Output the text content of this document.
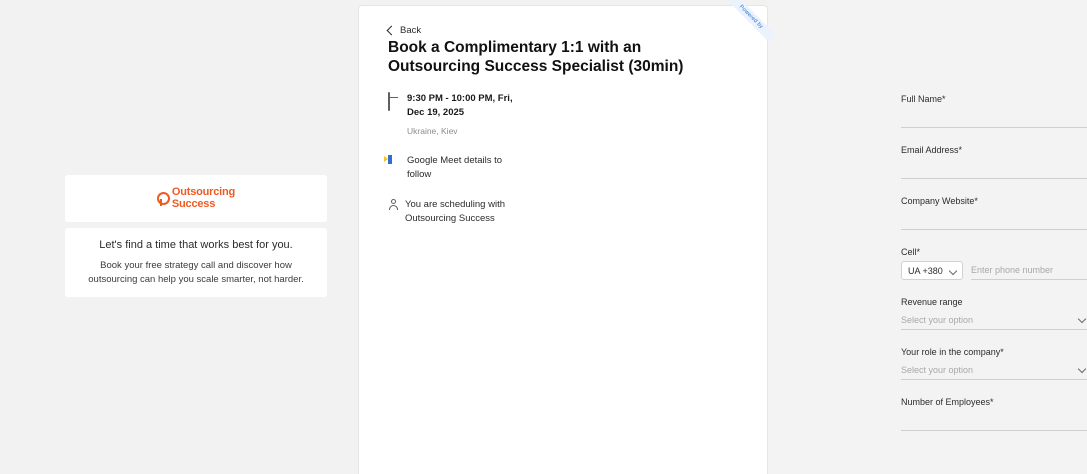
Outsourcing
Success
Let's find a time that works best for you.
Book your free strategy call and discover how outsourcing can help you scale smarter, not harder.
Powered by
Back
Book a Complimentary 1:1 with an Outsourcing Success Specialist (30min)
9:30 PM - 10:00 PM, Fri, Dec 19, 2025
Ukraine, Kiev
Google Meet details to follow
You are scheduling with Outsourcing Success
Full Name*
Email Address*
Company Website*
Cell*
UA +380
Enter phone number
Revenue range
Select your option
Your role in the company*
Select your option
Number of Employees*
